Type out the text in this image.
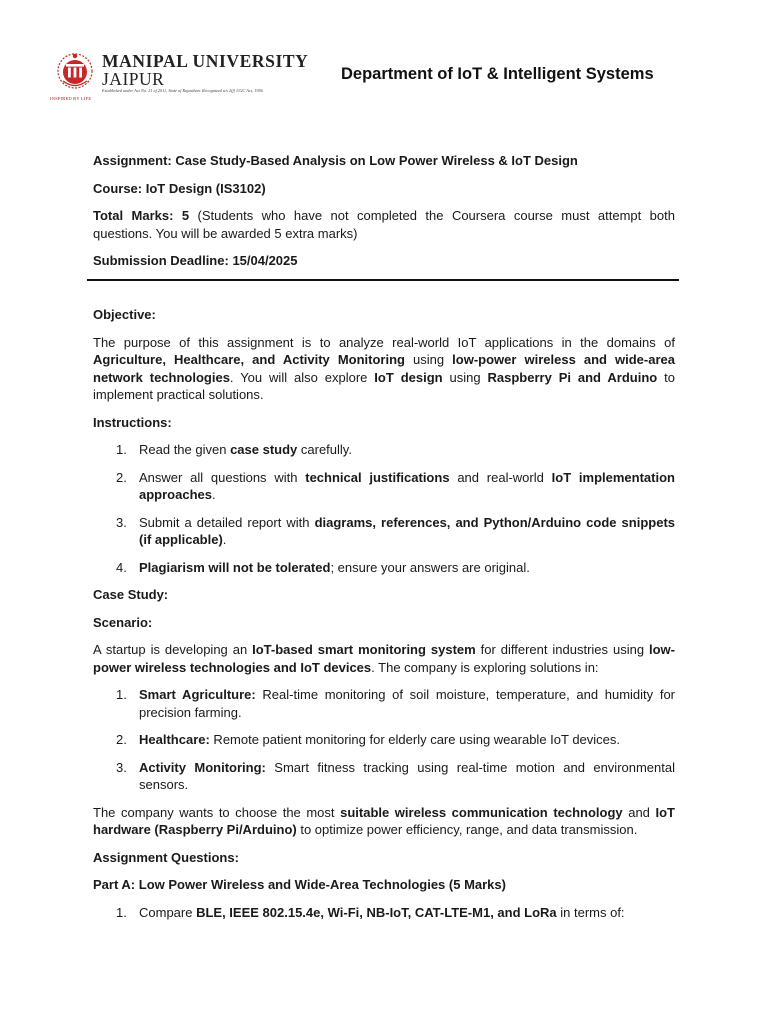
MANIPAL UNIVERSITY
JAIPUR
Established under Act No. 21 of 2011, State of Rajasthan. Recognized u/s 2(f) UGC Act, 1956
INSPIRED BY LIFE
Department of IoT & Intelligent Systems

Assignment: Case Study-Based Analysis on Low Power Wireless & IoT Design

Course: IoT Design (IS3102)

Total Marks: 5 (Students who have not completed the Coursera course must attempt both questions. You will be awarded 5 extra marks)

Submission Deadline: 15/04/2025

Objective:

The purpose of this assignment is to analyze real-world IoT applications in the domains of Agriculture, Healthcare, and Activity Monitoring using low-power wireless and wide-area network technologies. You will also explore IoT design using Raspberry Pi and Arduino to implement practical solutions.

Instructions:

1. Read the given case study carefully.
2. Answer all questions with technical justifications and real-world IoT implementation approaches.
3. Submit a detailed report with diagrams, references, and Python/Arduino code snippets (if applicable).
4. Plagiarism will not be tolerated; ensure your answers are original.

Case Study:

Scenario:

A startup is developing an IoT-based smart monitoring system for different industries using low-power wireless technologies and IoT devices. The company is exploring solutions in:

1. Smart Agriculture: Real-time monitoring of soil moisture, temperature, and humidity for precision farming.
2. Healthcare: Remote patient monitoring for elderly care using wearable IoT devices.
3. Activity Monitoring: Smart fitness tracking using real-time motion and environmental sensors.

The company wants to choose the most suitable wireless communication technology and IoT hardware (Raspberry Pi/Arduino) to optimize power efficiency, range, and data transmission.

Assignment Questions:

Part A: Low Power Wireless and Wide-Area Technologies (5 Marks)

1. Compare BLE, IEEE 802.15.4e, Wi-Fi, NB-IoT, CAT-LTE-M1, and LoRa in terms of:
